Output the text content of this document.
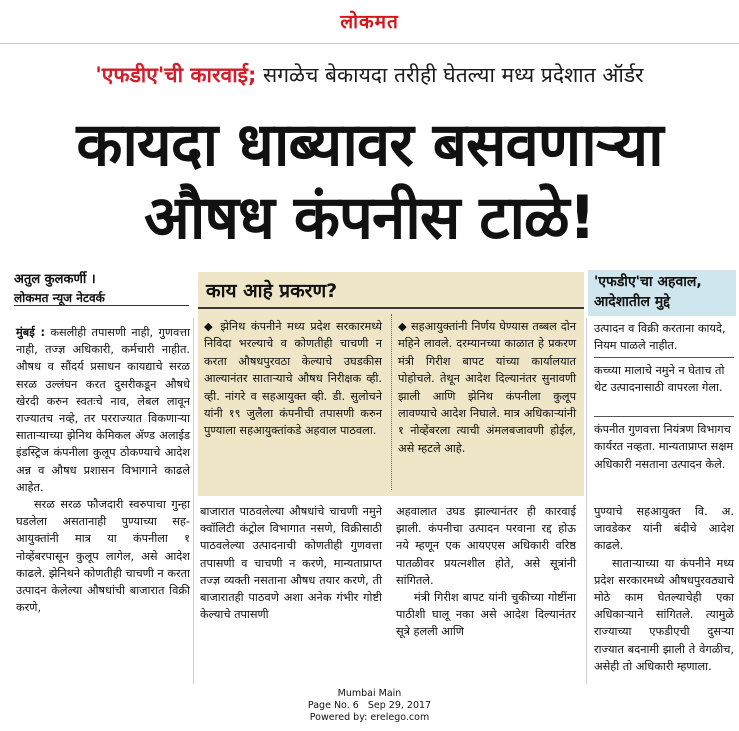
लोकमत
'एफडीए'ची कारवाई; सगळेच बेकायदा तरीही घेतल्या मध्य प्रदेशात ऑर्डर
कायदा धाब्यावर बसवणाऱ्या
औषध कंपनीस टाळे!
अतुल कुलकर्णी ।
लोकमत न्यूज नेटवर्क

मुंबई : कसलीही तपासणी नाही, गुणवत्ता नाही, तज्ज्ञ अधिकारी, कर्मचारी नाहीत. औषध व सौंदर्य प्रसाधन कायद्याचे सरळ सरळ उल्लंघन करत दुसरीकडून औषधे खेरदी करुन स्वतःचे नाव, लेबल लावून राज्यातच नव्हे, तर परराज्यात विकणाऱ्या साताऱ्याच्या झेनिथ केमिकल ॲण्ड अलाईड इंडस्ट्रिज कंपनीला कुलूप ठोकण्याचे आदेश अन्न व औषध प्रशासन विभागाने काढले आहेत.

सरळ सरळ फौजदारी स्वरुपाचा गुन्हा घडलेला असतानाही पुण्याच्या सह-आयुक्तांनी मात्र या कंपनीला १ नोव्हेंबरपासून कुलूप लागेल, असे आदेश काढले. झेनिथने कोणतीही चाचणी न करता उत्पादन केलेल्या औषधांची बाजारात विक्री करणे,

काय आहे प्रकरण?
◆ झेनिथ कंपनीने मध्य प्रदेश सरकारमध्ये निविदा भरल्याचे व कोणतीही चाचणी न करता औषधपुरवठा केल्याचे उघडकीस आल्यानंतर साताऱ्याचे औषध निरीक्षक व्ही. व्ही. नांगरे व सहआयुक्त व्ही. डी. सुलोचने यांनी १९ जुलैला कंपनीची तपासणी करुन पुण्याला सहआयुक्तांकडे अहवाल पाठवला.
◆ सहआयुक्तांनी निर्णय घेण्यास तब्बल दोन महिने लावले. दरम्यानच्या काळात हे प्रकरण मंत्री गिरीश बापट यांच्या कार्यालयात पोहोचले. तेथून आदेश दिल्यानंतर सुनावणी झाली आणि झेनिथ कंपनीला कुलूप लावण्याचे आदेश निघाले. मात्र अधिकाऱ्यांनी १ नोव्हेंबरला त्याची अंमलबजावणी होईल, असे म्हटले आहे.
'एफडीए'चा अहवाल,
आदेशातील मुद्दे
उत्पादन व विक्री करताना कायदे, नियम पाळले नाहीत.
कच्च्या मालाचे नमुने न घेताच तो थेट उत्पादनासाठी वापरला गेला.
कंपनीत गुणवत्ता नियंत्रण विभागच कार्यरत नव्हता. मान्यताप्राप्त सक्षम अधिकारी नसताना उत्पादन केले.

बाजारात पाठवलेल्या औषधांचे चाचणी नमुने क्वॉलिटी कंट्रोल विभागात नसणे, विक्रीसाठी पाठवलेल्या उत्पादनाची कोणतीही गुणवत्ता तपासणी व चाचणी न करणे, मान्यताप्राप्त तज्ज्ञ व्यक्ती नसताना औषध तयार करणे, ती बाजारातही पाठवणे अशा अनेक गंभीर गोष्टी केल्याचे तपासणी

अहवालात उघड झाल्यानंतर ही कारवाई झाली. कंपनीचा उत्पादन परवाना रद्द होऊ नये म्हणून एक आयएएस अधिकारी वरिष्ठ पातळीवर प्रयत्नशील होते, असे सूत्रांनी सांगितले.

मंत्री गिरीश बापट यांनी चुकीच्या गोष्टींना पाठीशी घालू नका असे आदेश दिल्यानंतर सूत्रे हलली आणि

पुण्याचे सहआयुक्त वि. अ. जावडेकर यांनी बंदीचे आदेश काढले.

साताऱ्याच्या या कंपनीने मध्य प्रदेश सरकारमध्ये औषधपुरवठ्याचे मोठे काम घेतल्याचेही एका अधिकाऱ्याने सांगितले. त्यामुळे राज्याच्या एफडीएची दुसऱ्या राज्यात बदनामी झाली ते वेगळीच, असेही तो अधिकारी म्हणाला.

Mumbai Main
Page No. 6 Sep 29, 2017
Powered by: erelego.com
